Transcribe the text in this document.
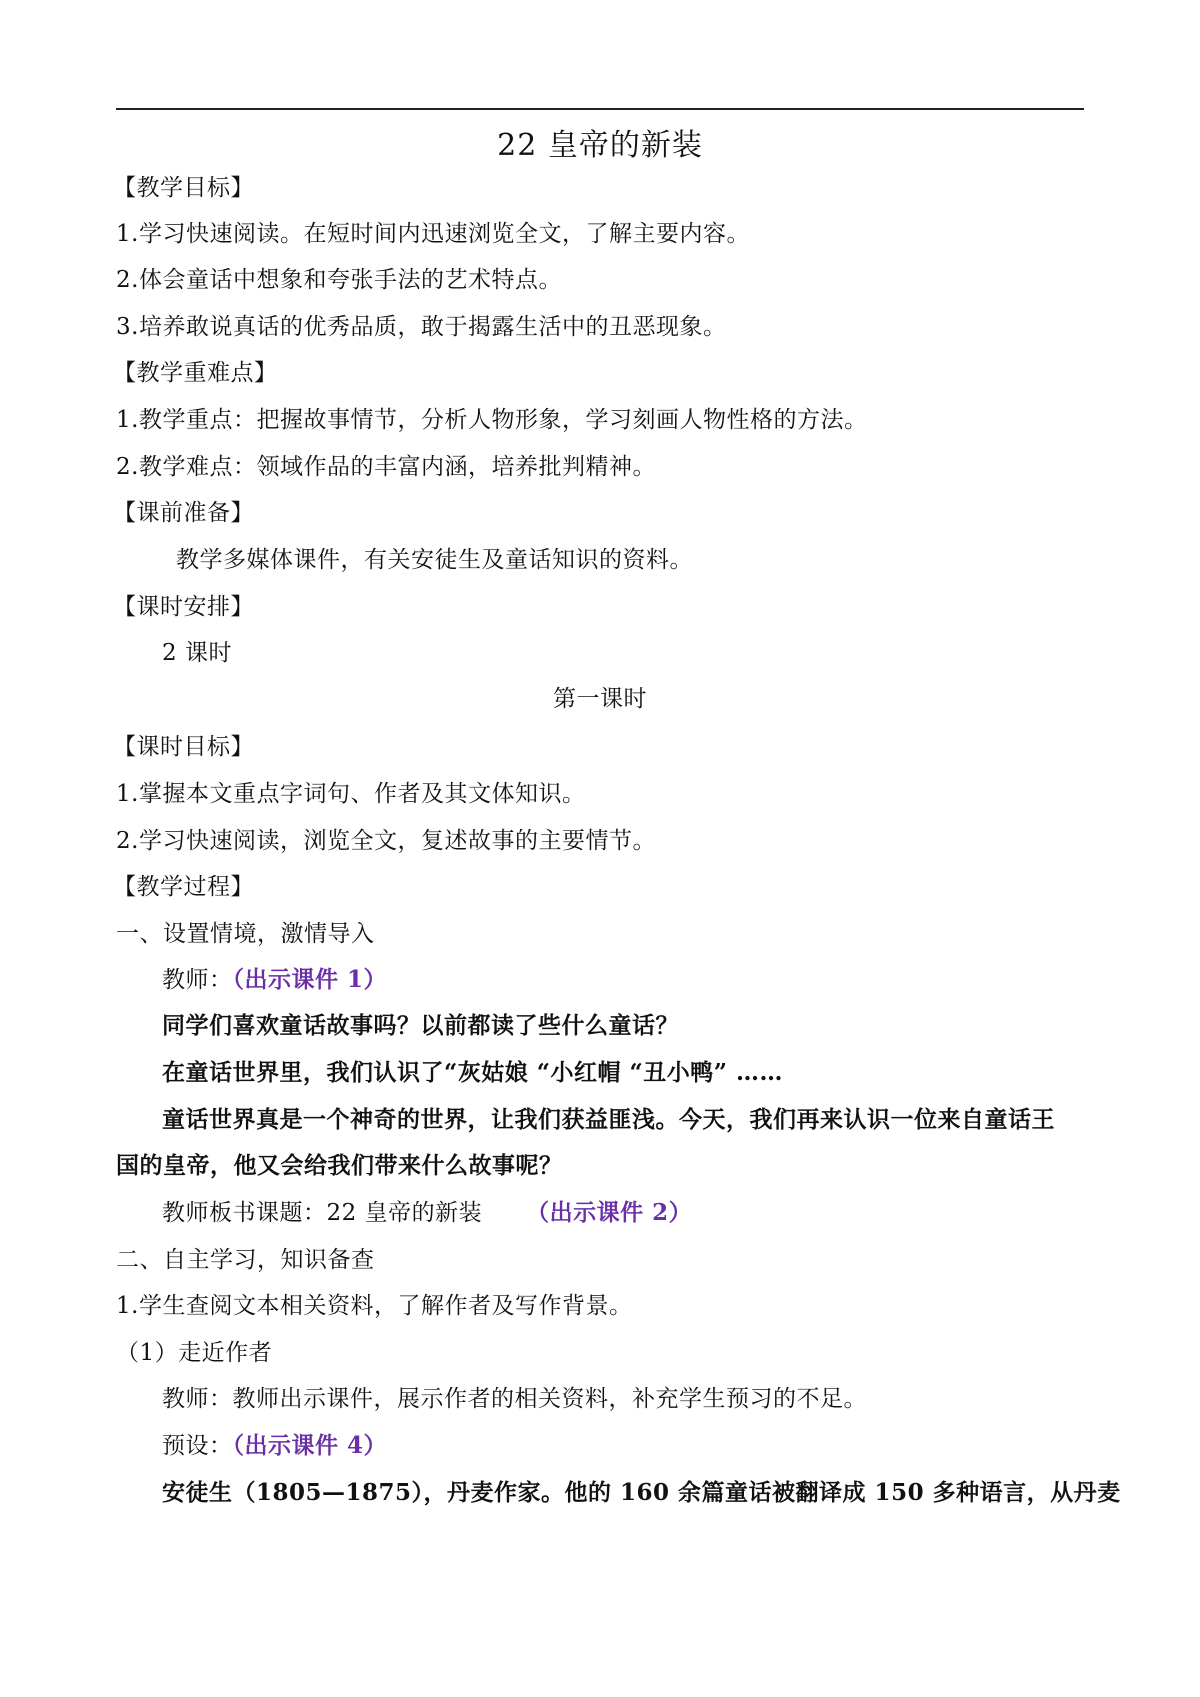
22 皇帝的新装
【教学目标】
1.学习快速阅读。在短时间内迅速浏览全文，了解主要内容。
2.体会童话中想象和夸张手法的艺术特点。
3.培养敢说真话的优秀品质，敢于揭露生活中的丑恶现象。
【教学重难点】
1.教学重点：把握故事情节，分析人物形象，学习刻画人物性格的方法。
2.教学难点：领域作品的丰富内涵，培养批判精神。
【课前准备】
教学多媒体课件，有关安徒生及童话知识的资料。
【课时安排】
2 课时
第一课时
【课时目标】
1.掌握本文重点字词句、作者及其文体知识。
2.学习快速阅读，浏览全文，复述故事的主要情节。
【教学过程】
一、设置情境，激情导入
教师：（出示课件 1）
同学们喜欢童话故事吗？以前都读了些什么童话？
在童话世界里，我们认识了“灰姑娘 “小红帽 “丑小鸭” ……
童话世界真是一个神奇的世界，让我们获益匪浅。今天，我们再来认识一位来自童话王
国的皇帝，他又会给我们带来什么故事呢？
教师板书课题：22 皇帝的新装 （出示课件 2）
二、自主学习，知识备查
1.学生查阅文本相关资料，了解作者及写作背景。
（1）走近作者
教师：教师出示课件，展示作者的相关资料，补充学生预习的不足。
预设：（出示课件 4）
安徒生（1805—1875），丹麦作家。他的 160 余篇童话被翻译成 150 多种语言，从丹麦
